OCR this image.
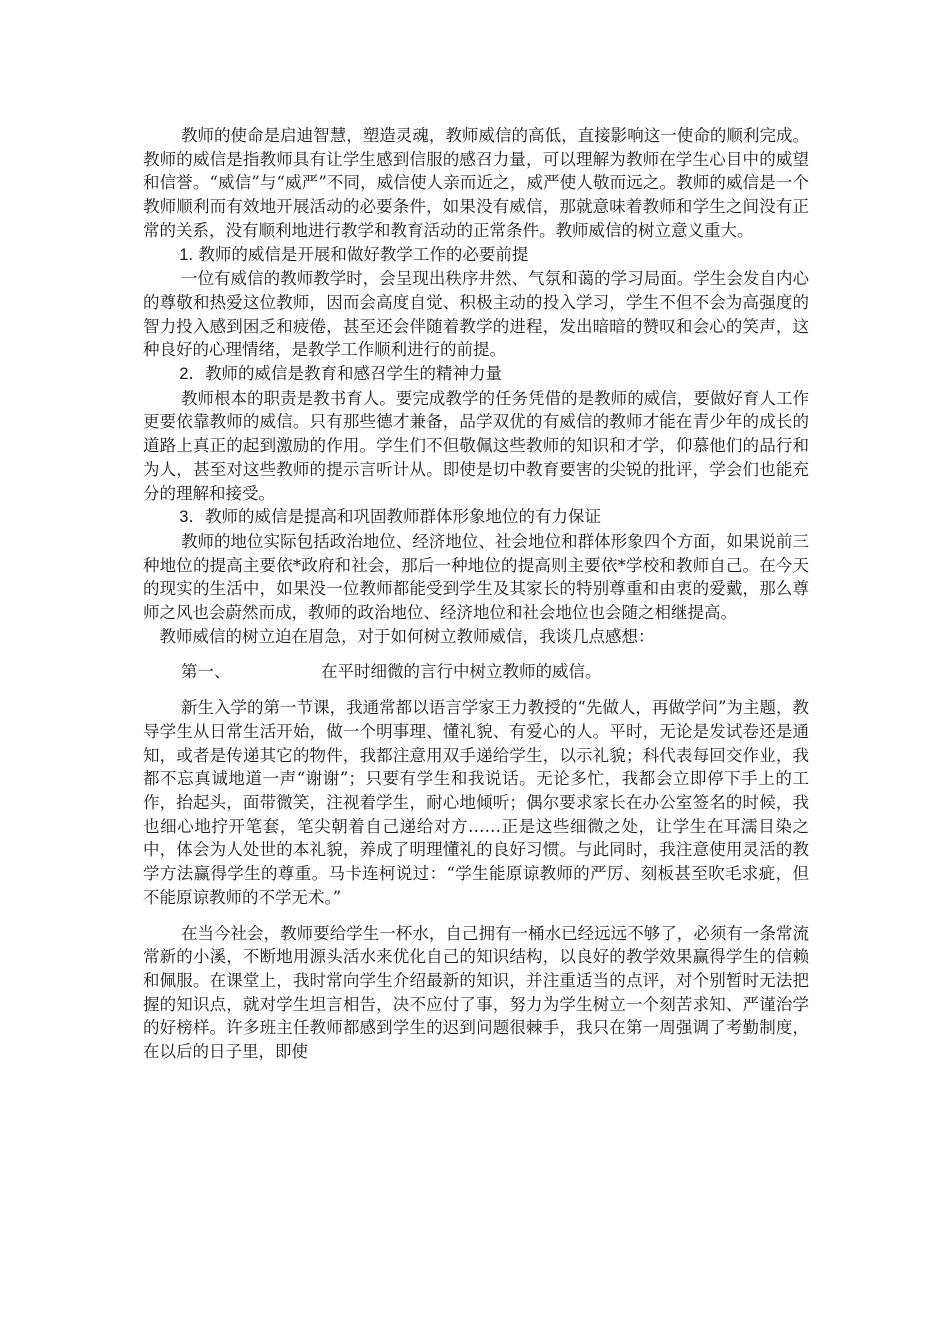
教师的使命是启迪智慧，塑造灵魂，教师威信的高低，直接影响这一使命的顺利完成。教师的威信是指教师具有让学生感到信服的感召力量，可以理解为教师在学生心目中的威望和信誉。“威信”与“威严”不同，威信使人亲而近之，威严使人敬而远之。教师的威信是一个教师顺利而有效地开展活动的必要条件，如果没有威信，那就意味着教师和学生之间没有正常的关系，没有顺利地进行教学和教育活动的正常条件。教师威信的树立意义重大。

1. 教师的威信是开展和做好教学工作的必要前提

一位有威信的教师教学时，会呈现出秩序井然、气氛和蔼的学习局面。学生会发自内心的尊敬和热爱这位教师，因而会高度自觉、积极主动的投入学习，学生不但不会为高强度的智力投入感到困乏和疲倦，甚至还会伴随着教学的进程，发出暗暗的赞叹和会心的笑声，这种良好的心理情绪，是教学工作顺利进行的前提。

2．教师的威信是教育和感召学生的精神力量

教师根本的职责是教书育人。要完成教学的任务凭借的是教师的威信，要做好育人工作更要依靠教师的威信。只有那些德才兼备，品学双优的有威信的教师才能在青少年的成长的道路上真正的起到激励的作用。学生们不但敬佩这些教师的知识和才学，仰慕他们的品行和为人，甚至对这些教师的提示言听计从。即使是切中教育要害的尖锐的批评，学会们也能充分的理解和接受。

3．教师的威信是提高和巩固教师群体形象地位的有力保证

教师的地位实际包括政治地位、经济地位、社会地位和群体形象四个方面，如果说前三种地位的提高主要依*政府和社会，那后一种地位的提高则主要依*学校和教师自己。在今天的现实的生活中，如果没一位教师都能受到学生及其家长的特别尊重和由衷的爱戴，那么尊师之风也会蔚然而成，教师的政治地位、经济地位和社会地位也会随之相继提高。

教师威信的树立迫在眉急，对于如何树立教师威信，我谈几点感想：

第一、	在平时细微的言行中树立教师的威信。

新生入学的第一节课，我通常都以语言学家王力教授的“先做人，再做学问”为主题，教导学生从日常生活开始，做一个明事理、懂礼貌、有爱心的人。平时，无论是发试卷还是通知，或者是传递其它的物件，我都注意用双手递给学生，以示礼貌；科代表每回交作业，我都不忘真诚地道一声“谢谢”；只要有学生和我说话。无论多忙，我都会立即停下手上的工作，抬起头，面带微笑，注视着学生，耐心地倾听；偶尔要求家长在办公室签名的时候，我也细心地拧开笔套，笔尖朝着自己递给对方……正是这些细微之处，让学生在耳濡目染之中，体会为人处世的本礼貌，养成了明理懂礼的良好习惯。与此同时，我注意使用灵活的教学方法赢得学生的尊重。马卡连柯说过：“学生能原谅教师的严厉、刻板甚至吹毛求疵，但不能原谅教师的不学无术。”

在当今社会，教师要给学生一杯水，自己拥有一桶水已经远远不够了，必须有一条常流常新的小溪，不断地用源头活水来优化自己的知识结构，以良好的教学效果赢得学生的信赖和佩服。在课堂上，我时常向学生介绍最新的知识，并注重适当的点评，对个别暂时无法把握的知识点，就对学生坦言相告，决不应付了事，努力为学生树立一个刻苦求知、严谨治学的好榜样。许多班主任教师都感到学生的迟到问题很棘手，我只在第一周强调了考勤制度，在以后的日子里，即使
